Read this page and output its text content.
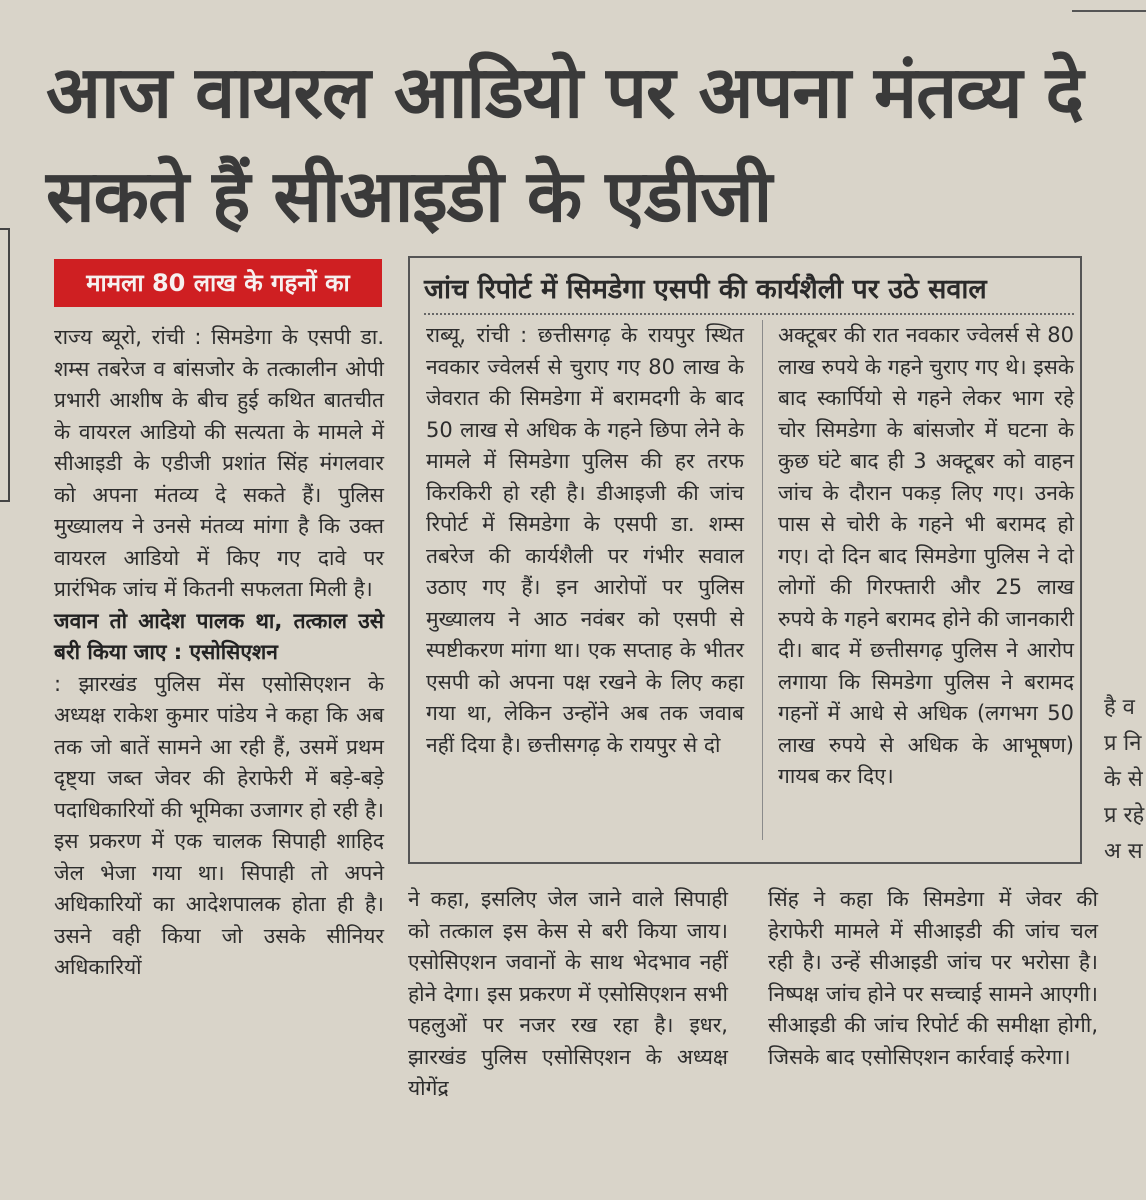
आज वायरल आडियो पर अपना मंतव्य दे सकते हैं सीआइडी के एडीजी
मामला 80 लाख के गहनों का

राज्य ब्यूरो, रांची : सिमडेगा के एसपी डा. शम्स तबरेज व बांसजोर के तत्कालीन ओपी प्रभारी आशीष के बीच हुई कथित बातचीत के वायरल आडियो की सत्यता के मामले में सीआइडी के एडीजी प्रशांत सिंह मंगलवार को अपना मंतव्य दे सकते हैं। पुलिस मुख्यालय ने उनसे मंतव्य मांगा है कि उक्त वायरल आडियो में किए गए दावे पर प्रारंभिक जांच में कितनी सफलता मिली है।

जवान तो आदेश पालक था, तत्काल उसे बरी किया जाए : एसोसिएशन

: झारखंड पुलिस मेंस एसोसिएशन के अध्यक्ष राकेश कुमार पांडेय ने कहा कि अब तक जो बातें सामने आ रही हैं, उसमें प्रथम दृष्ट्या जब्त जेवर की हेराफेरी में बड़े-बड़े पदाधिकारियों की भूमिका उजागर हो रही है। इस प्रकरण में एक चालक सिपाही शाहिद जेल भेजा गया था। सिपाही तो अपने अधिकारियों का आदेशपालक होता ही है। उसने वही किया जो उसके सीनियर अधिकारियों

जांच रिपोर्ट में सिमडेगा एसपी की कार्यशैली पर उठे सवाल

राब्यू, रांची : छत्तीसगढ़ के रायपुर स्थित नवकार ज्वेलर्स से चुराए गए 80 लाख के जेवरात की सिमडेगा में बरामदगी के बाद 50 लाख से अधिक के गहने छिपा लेने के मामले में सिमडेगा पुलिस की हर तरफ किरकिरी हो रही है। डीआइजी की जांच रिपोर्ट में सिमडेगा के एसपी डा. शम्स तबरेज की कार्यशैली पर गंभीर सवाल उठाए गए हैं। इन आरोपों पर पुलिस मुख्यालय ने आठ नवंबर को एसपी से स्पष्टीकरण मांगा था। एक सप्ताह के भीतर एसपी को अपना पक्ष रखने के लिए कहा गया था, लेकिन उन्होंने अब तक जवाब नहीं दिया है। छत्तीसगढ़ के रायपुर से दो

अक्टूबर की रात नवकार ज्वेलर्स से 80 लाख रुपये के गहने चुराए गए थे। इसके बाद स्कार्पियो से गहने लेकर भाग रहे चोर सिमडेगा के बांसजोर में घटना के कुछ घंटे बाद ही 3 अक्टूबर को वाहन जांच के दौरान पकड़ लिए गए। उनके पास से चोरी के गहने भी बरामद हो गए। दो दिन बाद सिमडेगा पुलिस ने दो लोगों की गिरफ्तारी और 25 लाख रुपये के गहने बरामद होने की जानकारी दी। बाद में छत्तीसगढ़ पुलिस ने आरोप लगाया कि सिमडेगा पुलिस ने बरामद गहनों में आधे से अधिक (लगभग 50 लाख रुपये से अधिक के आभूषण) गायब कर दिए।

ने कहा, इसलिए जेल जाने वाले सिपाही को तत्काल इस केस से बरी किया जाय। एसोसिएशन जवानों के साथ भेदभाव नहीं होने देगा। इस प्रकरण में एसोसिएशन सभी पहलुओं पर नजर रख रहा है। इधर, झारखंड पुलिस एसोसिएशन के अध्यक्ष योगेंद्र

सिंह ने कहा कि सिमडेगा में जेवर की हेराफेरी मामले में सीआइडी की जांच चल रही है। उन्हें सीआइडी जांच पर भरोसा है। निष्पक्ष जांच होने पर सच्चाई सामने आएगी। सीआइडी की जांच रिपोर्ट की समीक्षा होगी, जिसके बाद एसोसिएशन कार्रवाई करेगा।

है व प्र नि के से प्र रहे अ स
